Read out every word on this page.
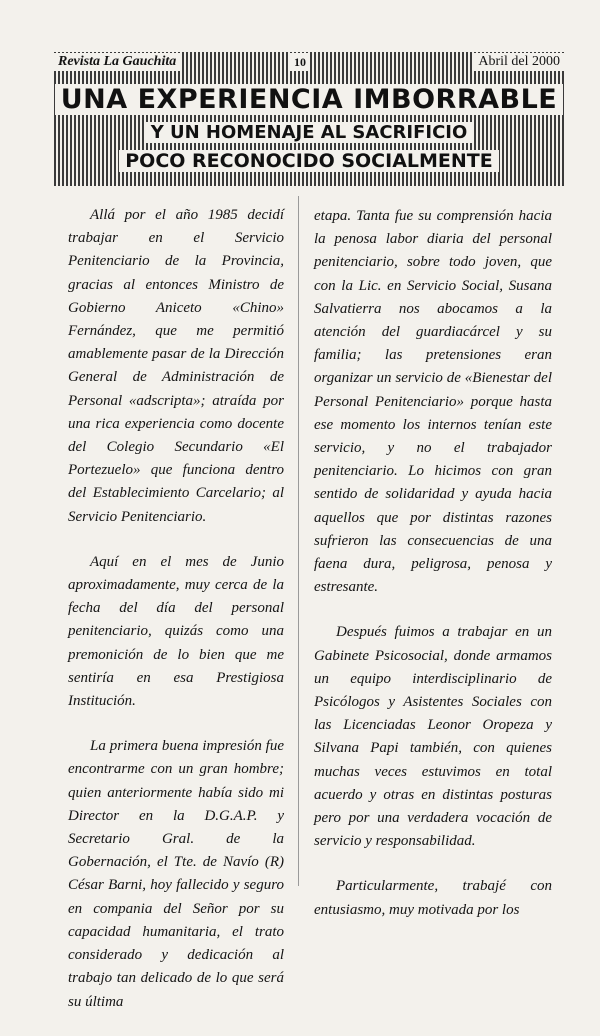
Revista La Gauchita	10	Abril del 2000
UNA EXPERIENCIA IMBORRABLE
Y UN HOMENAJE AL SACRIFICIO
POCO RECONOCIDO SOCIALMENTE

Allá por el año 1985 decidí trabajar en el Servicio Penitenciario de la Provincia, gracias al entonces Ministro de Gobierno Aniceto «Chino» Fernández, que me permitió amablemente pasar de la Dirección General de Administración de Personal «adscripta»; atraída por una rica experiencia como docente del Colegio Secundario «El Portezuelo» que funciona dentro del Establecimiento Carcelario; al Servicio Penitenciario.

Aquí en el mes de Junio aproximadamente, muy cerca de la fecha del día del personal penitenciario, quizás como una premonición de lo bien que me sentiría en esa Prestigiosa Institución.

La primera buena impresión fue encontrarme con un gran hombre; quien anteriormente había sido mi Director en la D.G.A.P. y Secretario Gral. de la Gobernación, el Tte. de Navío (R) César Barni, hoy fallecido y seguro en compania del Señor por su capacidad humanitaria, el trato considerado y dedicación al trabajo tan delicado de lo que será su última

etapa. Tanta fue su comprensión hacia la penosa labor diaria del personal penitenciario, sobre todo joven, que con la Lic. en Servicio Social, Susana Salvatierra nos abocamos a la atención del guardiacárcel y su familia; las pretensiones eran organizar un servicio de «Bienestar del Personal Penitenciario» porque hasta ese momento los internos tenían este servicio, y no el trabajador penitenciario. Lo hicimos con gran sentido de solidaridad y ayuda hacia aquellos que por distintas razones sufrieron las consecuencias de una faena dura, peligrosa, penosa y estresante.

Después fuimos a trabajar en un Gabinete Psicosocial, donde armamos un equipo interdisciplinario de Psicólogos y Asistentes Sociales con las Licenciadas Leonor Oropeza y Silvana Papi también, con quienes muchas veces estuvimos en total acuerdo y otras en distintas posturas pero por una verdadera vocación de servicio y responsabilidad.

Particularmente, trabajé con entusiasmo, muy motivada por los
